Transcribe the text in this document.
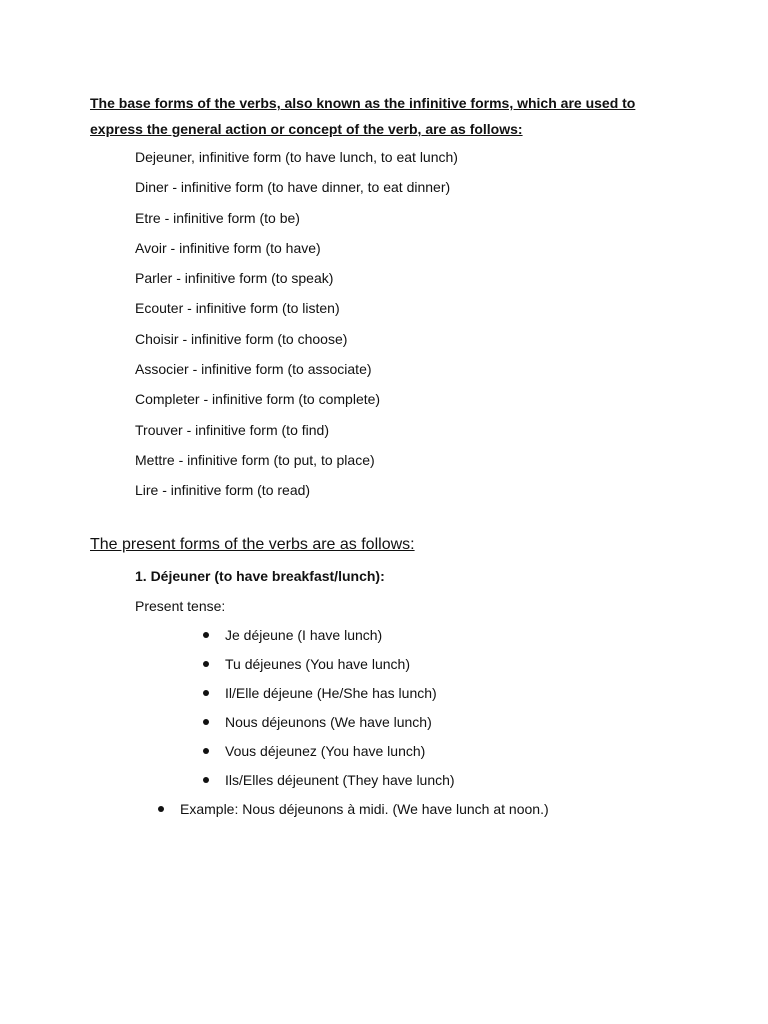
The base forms of the verbs, also known as the infinitive forms, which are used to express the general action or concept of the verb, are as follows:

Dejeuner, infinitive form (to have lunch, to eat lunch)
Diner - infinitive form (to have dinner, to eat dinner)
Etre - infinitive form (to be)
Avoir - infinitive form (to have)
Parler - infinitive form (to speak)
Ecouter - infinitive form (to listen)
Choisir - infinitive form (to choose)
Associer - infinitive form (to associate)
Completer - infinitive form (to complete)
Trouver - infinitive form (to find)
Mettre - infinitive form (to put, to place)
Lire - infinitive form (to read)
The present forms of the verbs are as follows:

1. Déjeuner (to have breakfast/lunch):

Present tense:

Je déjeune (I have lunch)
Tu déjeunes (You have lunch)
Il/Elle déjeune (He/She has lunch)
Nous déjeunons (We have lunch)
Vous déjeunez (You have lunch)
Ils/Elles déjeunent (They have lunch)
Example: Nous déjeunons à midi. (We have lunch at noon.)
